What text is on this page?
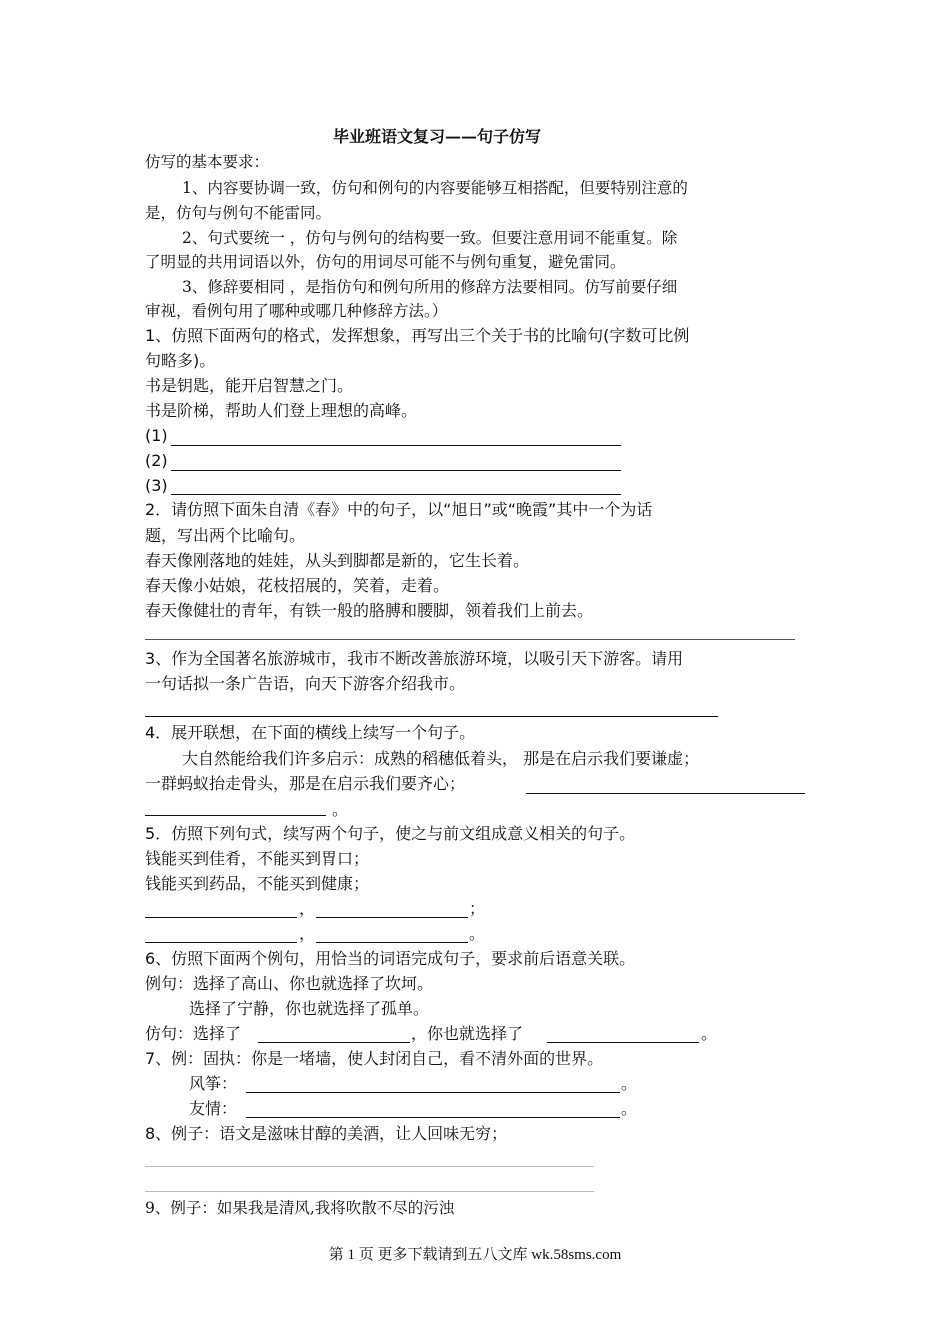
毕业班语文复习——句子仿写
仿写的基本要求：
1、内容要协调一致，仿句和例句的内容要能够互相搭配，但要特别注意的
是，仿句与例句不能雷同。
2、句式要统一 ，仿句与例句的结构要一致。但要注意用词不能重复。除
了明显的共用词语以外，仿句的用词尽可能不与例句重复，避免雷同。
3、修辞要相同 ，是指仿句和例句所用的修辞方法要相同。仿写前要仔细
审视，看例句用了哪种或哪几种修辞方法。）
1、仿照下面两句的格式，发挥想象，再写出三个关于书的比喻句(字数可比例
句略多)。
书是钥匙，能开启智慧之门。
书是阶梯，帮助人们登上理想的高峰。
(1)
(2)
(3)
2．请仿照下面朱自清《春》中的句子，以“旭日”或“晚霞”其中一个为话
题，写出两个比喻句。
春天像刚落地的娃娃，从头到脚都是新的，它生长着。
春天像小姑娘，花枝招展的，笑着，走着。
春天像健壮的青年，有铁一般的胳膊和腰脚，领着我们上前去。
3、作为全国著名旅游城市，我市不断改善旅游环境，以吸引天下游客。请用
一句话拟一条广告语，向天下游客介绍我市。
4．展开联想，在下面的横线上续写一个句子。
大自然能给我们许多启示：成熟的稻穗低着头， 那是在启示我们要谦虚；
一群蚂蚁抬走骨头，那是在启示我们要齐心；
。
5．仿照下列句式，续写两个句子，使之与前文组成意义相关的句子。
钱能买到佳肴，不能买到胃口；
钱能买到药品，不能买到健康；
，	；
，	。
6、仿照下面两个例句，用恰当的词语完成句子，要求前后语意关联。
例句：选择了高山、你也就选择了坎坷。
选择了宁静，你也就选择了孤单。
仿句：选择了	，你也就选择了	。
7、例：固执：你是一堵墙，使人封闭自己，看不清外面的世界。
风筝：	。
友情：	。
8、例子：语文是滋味甘醇的美酒，让人回味无穷；
9、例子：如果我是清风,我将吹散不尽的污浊
第 1 页 更多下载请到五八文库 wk.58sms.com
